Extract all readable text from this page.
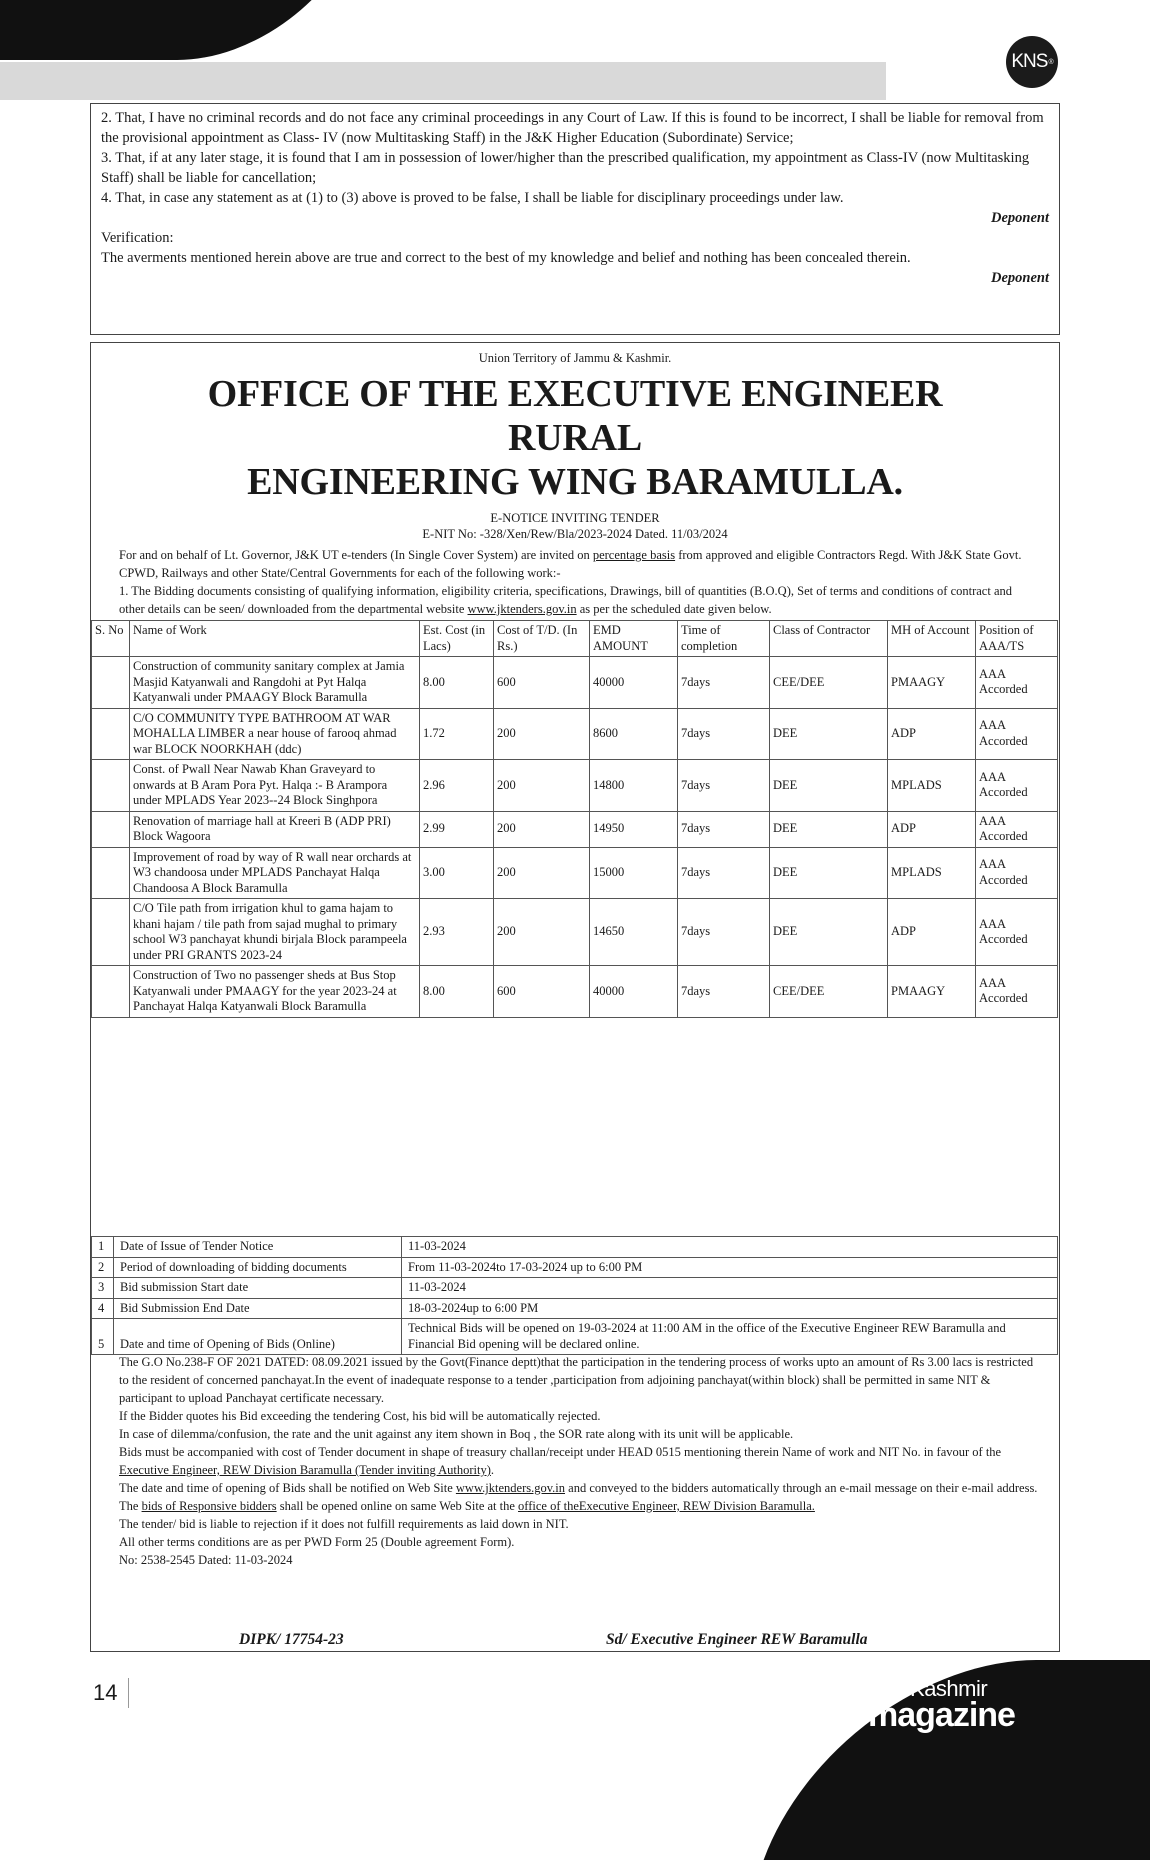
KNS ®

2. That, I have no criminal records and do not face any criminal proceedings in any Court of Law. If this is found to be incorrect, I shall be liable for removal from the provisional appointment as Class- IV (now Multitasking Staff) in the J&K Higher Education (Subordinate) Service;

3. That, if at any later stage, it is found that I am in possession of lower/higher than the prescribed qualification, my appointment as Class-IV (now Multitasking Staff) shall be liable for cancellation;

4. That, in case any statement as at (1) to (3) above is proved to be false, I shall be liable for disciplinary proceedings under law.

Deponent

Verification:

The averments mentioned herein above are true and correct to the best of my knowledge and belief and nothing has been concealed therein.

Deponent

Union Territory of Jammu & Kashmir.
OFFICE OF THE EXECUTIVE ENGINEER RURAL
ENGINEERING WING BARAMULLA.
E-NOTICE INVITING TENDER
E-NIT No: -328/Xen/Rew/Bla/2023-2024 Dated. 11/03/2024
For and on behalf of Lt. Governor, J&K UT e-tenders (In Single Cover System) are invited on percentage basis from approved and eligible Contractors Regd. With J&K State Govt. CPWD, Railways and other State/Central Governments for each of the following work:-
1. The Bidding documents consisting of qualifying information, eligibility criteria, specifications, Drawings, bill of quantities (B.O.Q), Set of terms and conditions of contract and other details can be seen/ downloaded from the departmental website www.jktenders.gov.in as per the scheduled date given below.
S. No	Name of Work	Est. Cost (in Lacs)	Cost of T/D. (In Rs.)	EMD AMOUNT	Time of completion	Class of Contractor	MH of Account	Position of AAA/TS
	Construction of community sanitary complex at Jamia Masjid Katyanwali and Rangdohi at Pyt Halqa Katyanwali under PMAAGY Block Baramulla	8.00	600	40000	7days	CEE/DEE	PMAAGY	AAA Accorded
	C/O COMMUNITY TYPE BATHROOM AT WAR MOHALLA LIMBER a near house of farooq ahmad war BLOCK NOORKHAH (ddc)	1.72	200	8600	7days	DEE	ADP	AAA Accorded
	Const. of Pwall Near Nawab Khan Graveyard to onwards at B Aram Pora Pyt. Halqa :- B Arampora under MPLADS Year 2023--24 Block Singhpora	2.96	200	14800	7days	DEE	MPLADS	AAA Accorded
	Renovation of marriage hall at Kreeri B (ADP PRI) Block Wagoora	2.99	200	14950	7days	DEE	ADP	AAA Accorded
	Improvement of road by way of R wall near orchards at W3 chandoosa under MPLADS Panchayat Halqa Chandoosa A Block Baramulla	3.00	200	15000	7days	DEE	MPLADS	AAA Accorded
	C/O Tile path from irrigation khul to gama hajam to khani hajam / tile path from sajad mughal to primary school W3 panchayat khundi birjala Block parampeela under PRI GRANTS 2023-24	2.93	200	14650	7days	DEE	ADP	AAA Accorded
	Construction of Two no passenger sheds at Bus Stop Katyanwali under PMAAGY for the year 2023-24 at Panchayat Halqa Katyanwali Block Baramulla	8.00	600	40000	7days	CEE/DEE	PMAAGY	AAA Accorded
1	Date of Issue of Tender Notice	11-03-2024
2	Period of downloading of bidding documents	From 11-03-2024to 17-03-2024 up to 6:00 PM
3	Bid submission Start date	11-03-2024
4	Bid Submission End Date	18-03-2024up to 6:00 PM
5	Date and time of Opening of Bids (Online)	Technical Bids will be opened on 19-03-2024 at 11:00 AM in the office of the Executive Engineer REW Baramulla and Financial Bid opening will be declared online.

The G.O No.238-F OF 2021 DATED: 08.09.2021 issued by the Govt(Finance deptt)that the participation in the tendering process of works upto an amount of Rs 3.00 lacs is restricted to the resident of concerned panchayat.In the event of inadequate response to a tender ,participation from adjoining panchayat(within block) shall be permitted in same NIT & participant to upload Panchayat certificate necessary.

If the Bidder quotes his Bid exceeding the tendering Cost, his bid will be automatically rejected.

In case of dilemma/confusion, the rate and the unit against any item shown in Boq , the SOR rate along with its unit will be applicable.

Bids must be accompanied with cost of Tender document in shape of treasury challan/receipt under HEAD 0515 mentioning therein Name of work and NIT No. in favour of the Executive Engineer, REW Division Baramulla (Tender inviting Authority).

The date and time of opening of Bids shall be notified on Web Site www.jktenders.gov.in and conveyed to the bidders automatically through an e-mail message on their e-mail address. The bids of Responsive bidders shall be opened online on same Web Site at the office of theExecutive Engineer, REW Division Baramulla.

The tender/ bid is liable to rejection if it does not fulfill requirements as laid down in NIT.

All other terms conditions are as per PWD Form 25 (Double agreement Form).

No: 2538-2545 Dated: 11-03-2024

DIPK/ 17754-23	Sd/ Executive Engineer REW Baramulla
14	The Kashmir
magazine
